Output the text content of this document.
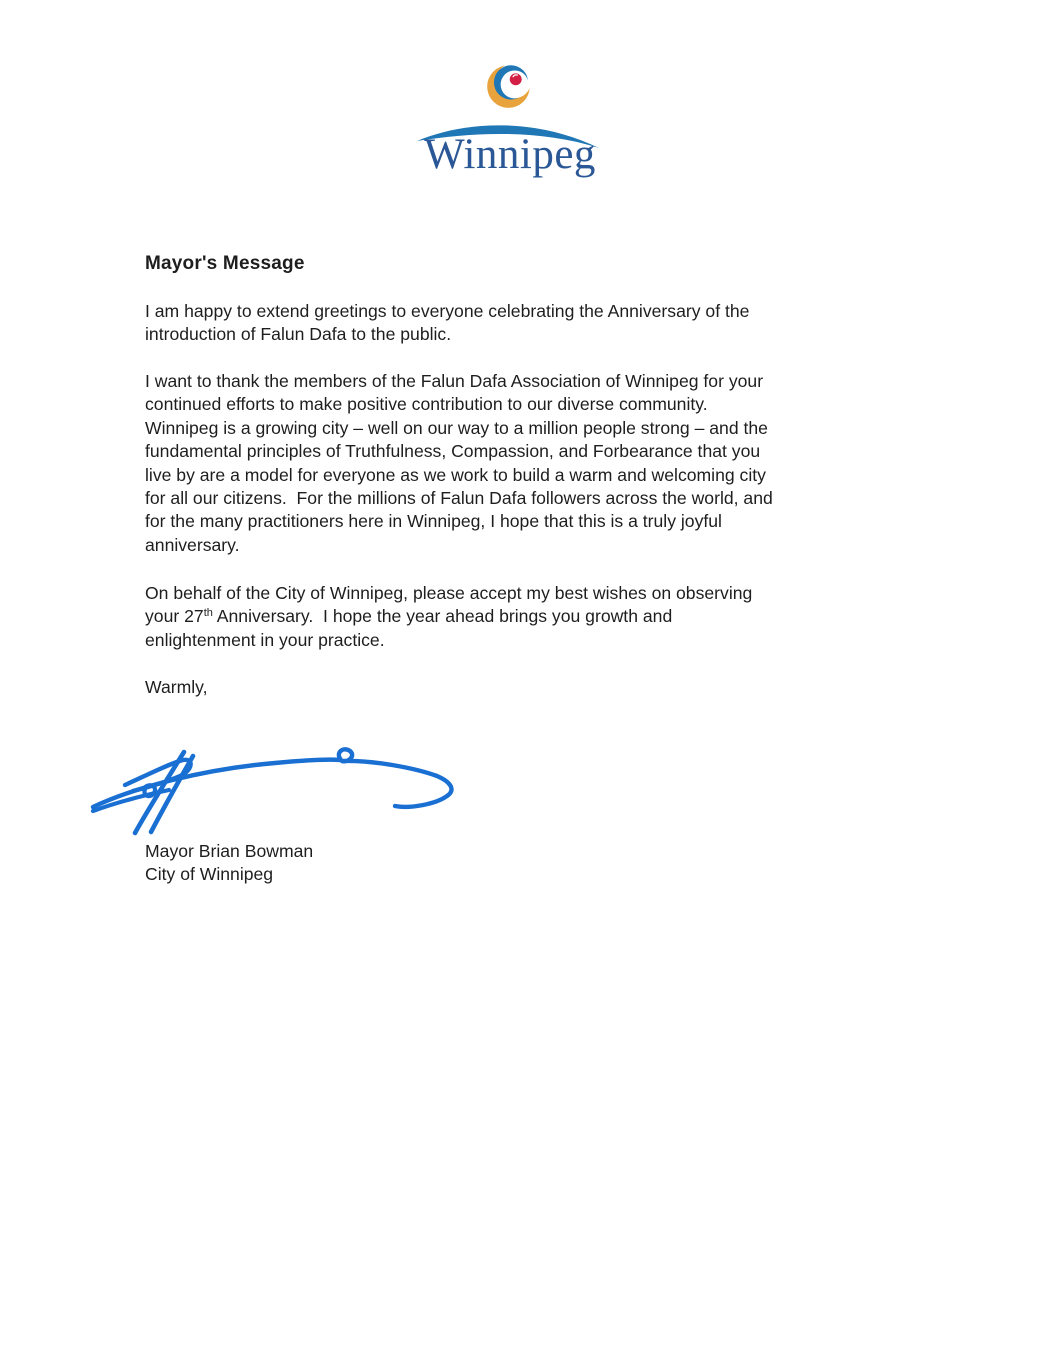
Winnipeg
Mayor's Message
I am happy to extend greetings to everyone celebrating the Anniversary of the
introduction of Falun Dafa to the public.
I want to thank the members of the Falun Dafa Association of Winnipeg for your
continued efforts to make positive contribution to our diverse community.
Winnipeg is a growing city – well on our way to a million people strong – and the
fundamental principles of Truthfulness, Compassion, and Forbearance that you
live by are a model for everyone as we work to build a warm and welcoming city
for all our citizens.  For the millions of Falun Dafa followers across the world, and
for the many practitioners here in Winnipeg, I hope that this is a truly joyful
anniversary.
On behalf of the City of Winnipeg, please accept my best wishes on observing
your 27th Anniversary.  I hope the year ahead brings you growth and
enlightenment in your practice.
Warmly,
Mayor Brian Bowman
City of Winnipeg
